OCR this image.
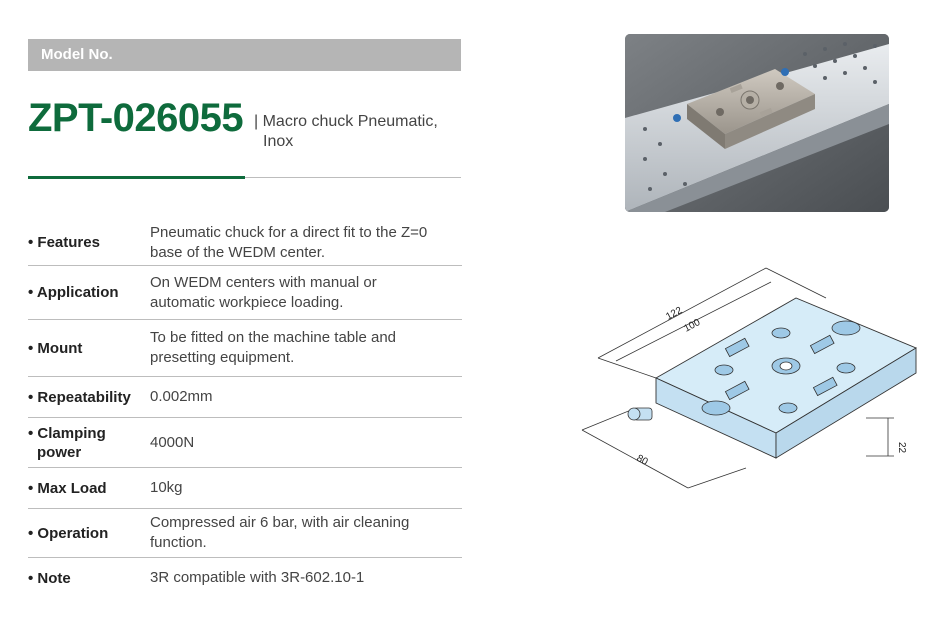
Model No.
ZPT-026055 | Macro chuck Pneumatic,
Inox
• Features
Pneumatic chuck for a direct fit to the Z=0
base of the WEDM center.
• Application
On WEDM centers with manual or
automatic workpiece loading.
• Mount
To be fitted on the machine table and
presetting equipment.
• Repeatability 0.002mm
• Clamping
power
4000N
• Max Load	10kg
• Operation
Compressed air 6 bar, with air cleaning
function.
• Note	3R compatible with 3R-602.10-1
122
100
80
22
